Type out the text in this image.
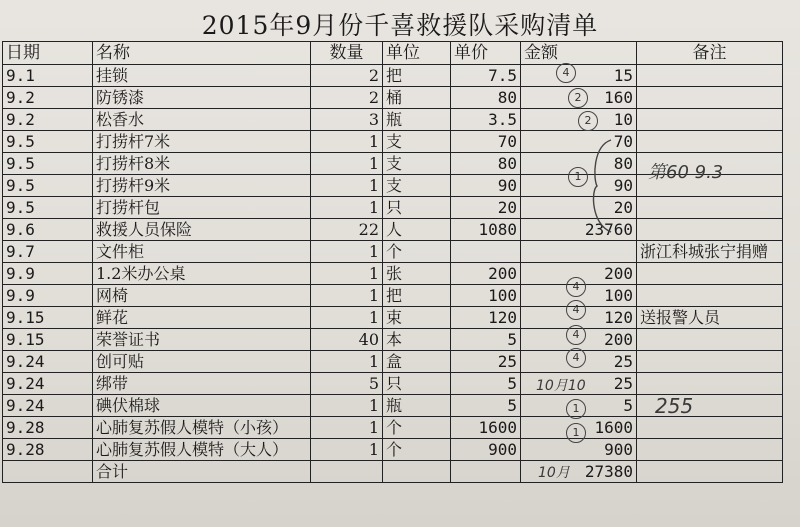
2015年9月份千喜救援队采购清单
日期	名称	数量	单位	单价	金额	备注
9.1	挂锁	2	把	7.5	15	
9.2	防锈漆	2	桶	80	160	
9.2	松香水	3	瓶	3.5	10	
9.5	打捞杆7米	1	支	70	70	
9.5	打捞杆8米	1	支	80	80	
9.5	打捞杆9米	1	支	90	90	
9.5	打捞杆包	1	只	20	20	
9.6	救援人员保险	22	人	1080	23760	
9.7	文件柜	1	个			浙江科城张宁捐赠
9.9	1.2米办公桌	1	张	200	200	
9.9	网椅	1	把	100	100	
9.15	鲜花	1	束	120	120	送报警人员
9.15	荣誉证书	40	本	5	200	
9.24	创可贴	1	盒	25	25	
9.24	绑带	5	只	5	25	
9.24	碘伏棉球	1	瓶	5	5	
9.28	心肺复苏假人模特（小孩）	1	个	1600	1600	
9.28	心肺复苏假人模特（大人）	1	个	900	900	
	合计				27380	
4
2
2
1
4
4
4
4
1
1
第60 9.3
10月10
10月
255
